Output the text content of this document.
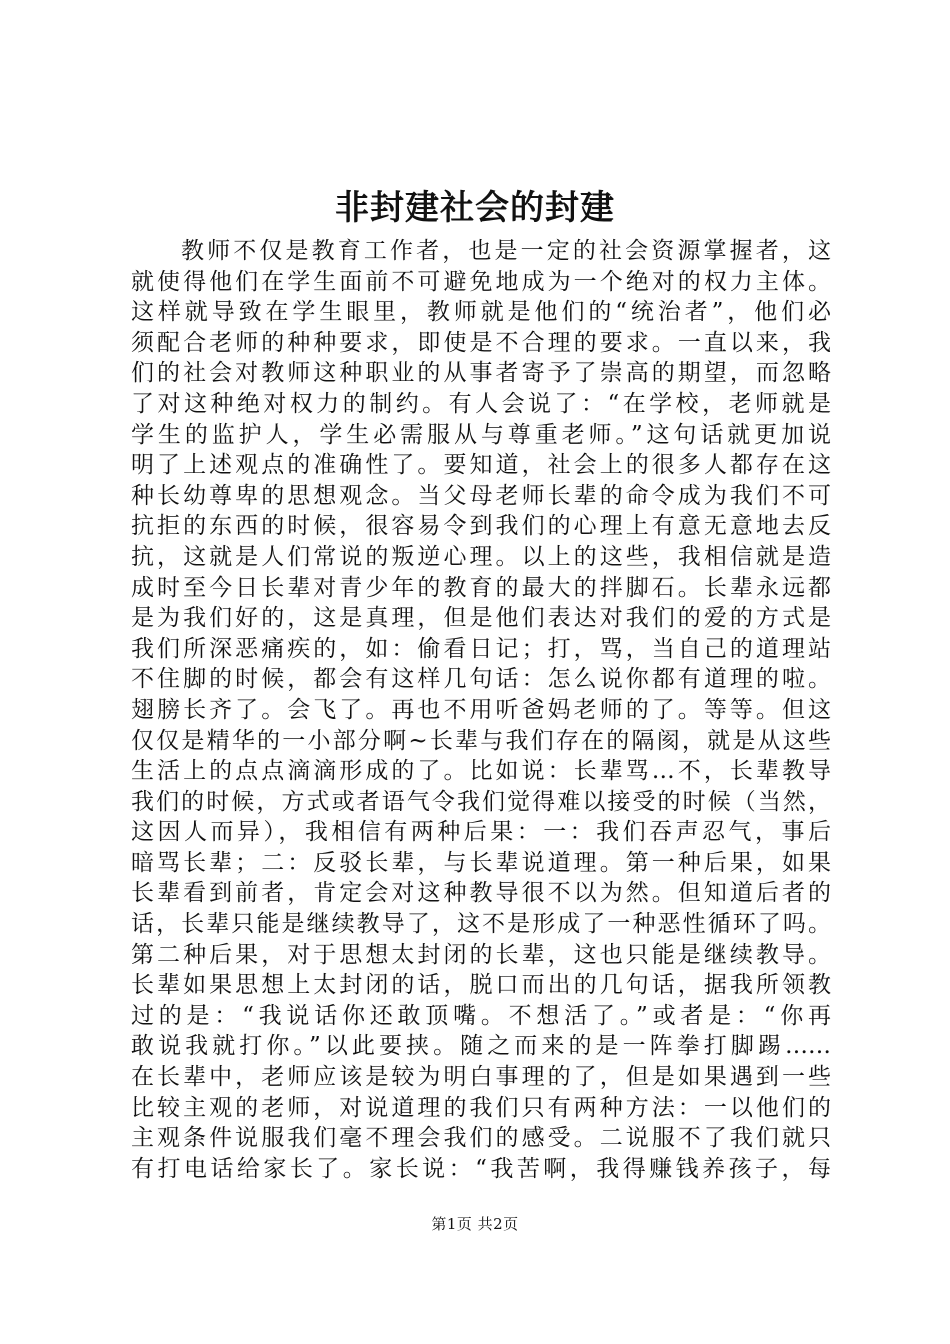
非封建社会的封建
教师不仅是教育工作者，也是一定的社会资源掌握者，这
就使得他们在学生面前不可避免地成为一个绝对的权力主体。
这样就导致在学生眼里，教师就是他们的“统治者”，他们必
须配合老师的种种要求，即使是不合理的要求。一直以来，我
们的社会对教师这种职业的从事者寄予了崇高的期望，而忽略
了对这种绝对权力的制约。有人会说了：“在学校，老师就是
学生的监护人，学生必需服从与尊重老师。”这句话就更加说
明了上述观点的准确性了。要知道，社会上的很多人都存在这
种长幼尊卑的思想观念。当父母老师长辈的命令成为我们不可
抗拒的东西的时候，很容易令到我们的心理上有意无意地去反
抗，这就是人们常说的叛逆心理。以上的这些，我相信就是造
成时至今日长辈对青少年的教育的最大的拌脚石。长辈永远都
是为我们好的，这是真理，但是他们表达对我们的爱的方式是
我们所深恶痛疾的，如：偷看日记；打，骂，当自己的道理站
不住脚的时候，都会有这样几句话：怎么说你都有道理的啦。
翅膀长齐了。会飞了。再也不用听爸妈老师的了。等等。但这
仅仅是精华的一小部分啊~长辈与我们存在的隔阂，就是从这些
生活上的点点滴滴形成的了。比如说：长辈骂…不，长辈教导
我们的时候，方式或者语气令我们觉得难以接受的时候（当然，
这因人而异），我相信有两种后果：一：我们吞声忍气，事后
暗骂长辈；二：反驳长辈，与长辈说道理。第一种后果，如果
长辈看到前者，肯定会对这种教导很不以为然。但知道后者的
话，长辈只能是继续教导了，这不是形成了一种恶性循环了吗。
第二种后果，对于思想太封闭的长辈，这也只能是继续教导。
长辈如果思想上太封闭的话，脱口而出的几句话，据我所领教
过的是：“我说话你还敢顶嘴。不想活了。”或者是：“你再
敢说我就打你。”以此要挟。随之而来的是一阵拳打脚踢……
在长辈中，老师应该是较为明白事理的了，但是如果遇到一些
比较主观的老师，对说道理的我们只有两种方法：一以他们的
主观条件说服我们毫不理会我们的感受。二说服不了我们就只
有打电话给家长了。家长说：“我苦啊，我得赚钱养孩子，每
第1页 共2页
